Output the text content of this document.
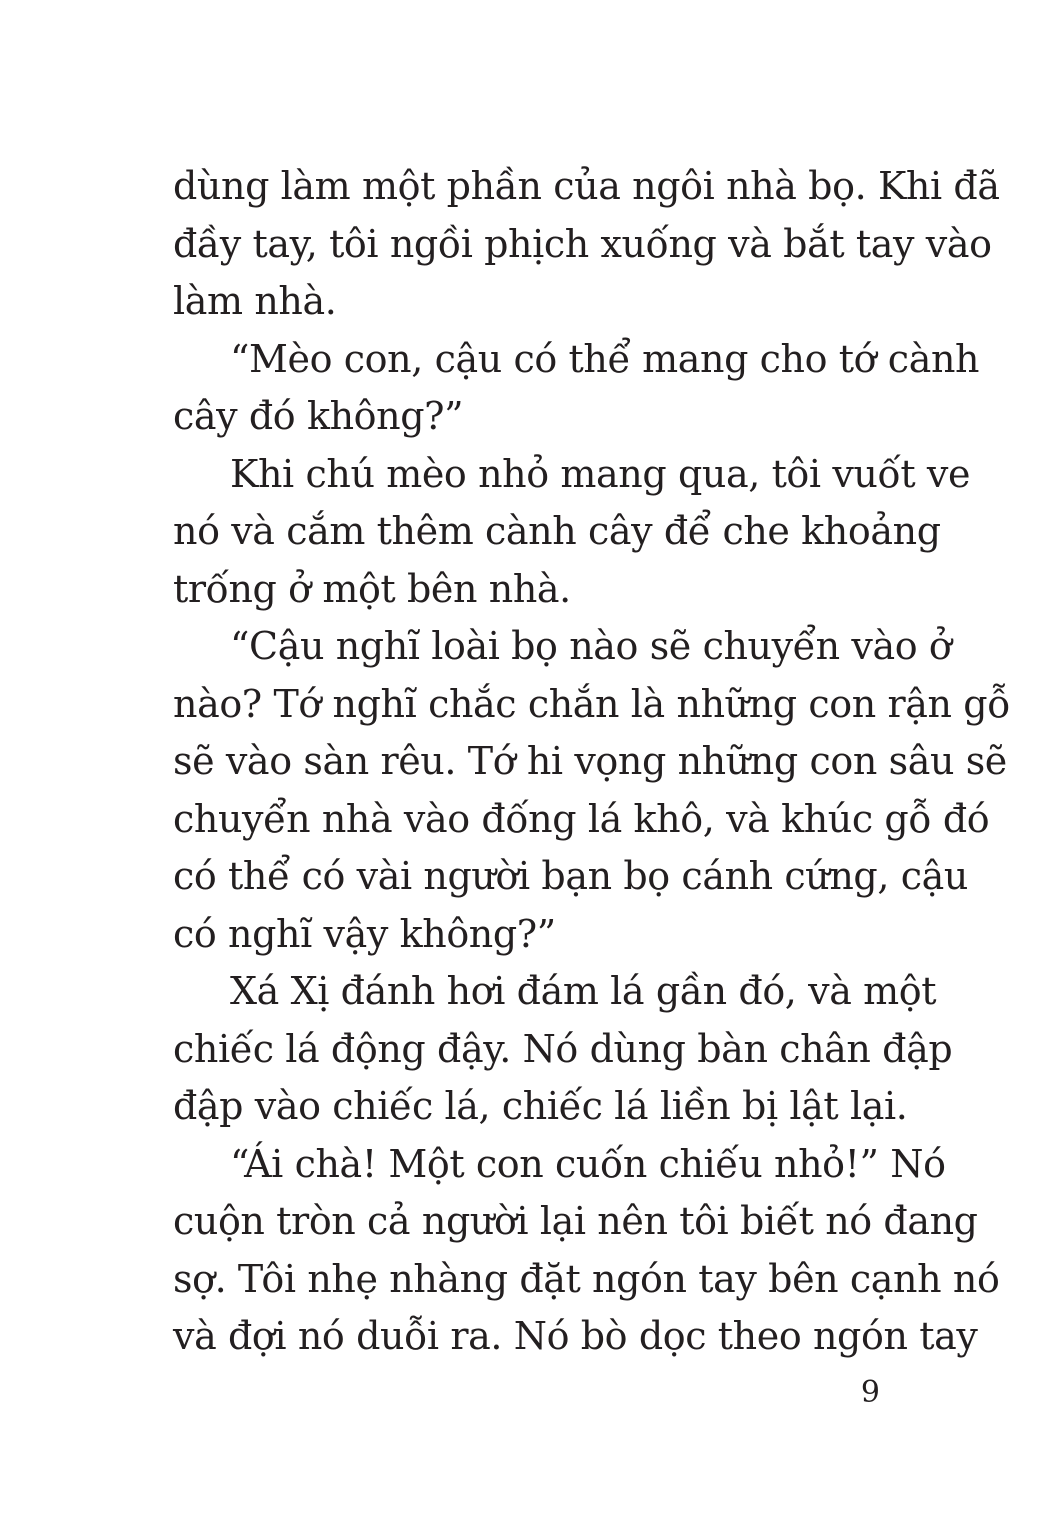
dùng làm một phần của ngôi nhà bọ. Khi đã
đầy tay, tôi ngồi phịch xuống và bắt tay vào
làm nhà.
“Mèo con, cậu có thể mang cho tớ cành
cây đó không?”
Khi chú mèo nhỏ mang qua, tôi vuốt ve
nó và cắm thêm cành cây để che khoảng
trống ở một bên nhà.
“Cậu nghĩ loài bọ nào sẽ chuyển vào ở
nào? Tớ nghĩ chắc chắn là những con rận gỗ
sẽ vào sàn rêu. Tớ hi vọng những con sâu sẽ
chuyển nhà vào đống lá khô, và khúc gỗ đó
có thể có vài người bạn bọ cánh cứng, cậu
có nghĩ vậy không?”
Xá Xị đánh hơi đám lá gần đó, và một
chiếc lá động đậy. Nó dùng bàn chân đập
đập vào chiếc lá, chiếc lá liền bị lật lại.
“Ái chà! Một con cuốn chiếu nhỏ!” Nó
cuộn tròn cả người lại nên tôi biết nó đang
sợ. Tôi nhẹ nhàng đặt ngón tay bên cạnh nó
và đợi nó duỗi ra. Nó bò dọc theo ngón tay
9
